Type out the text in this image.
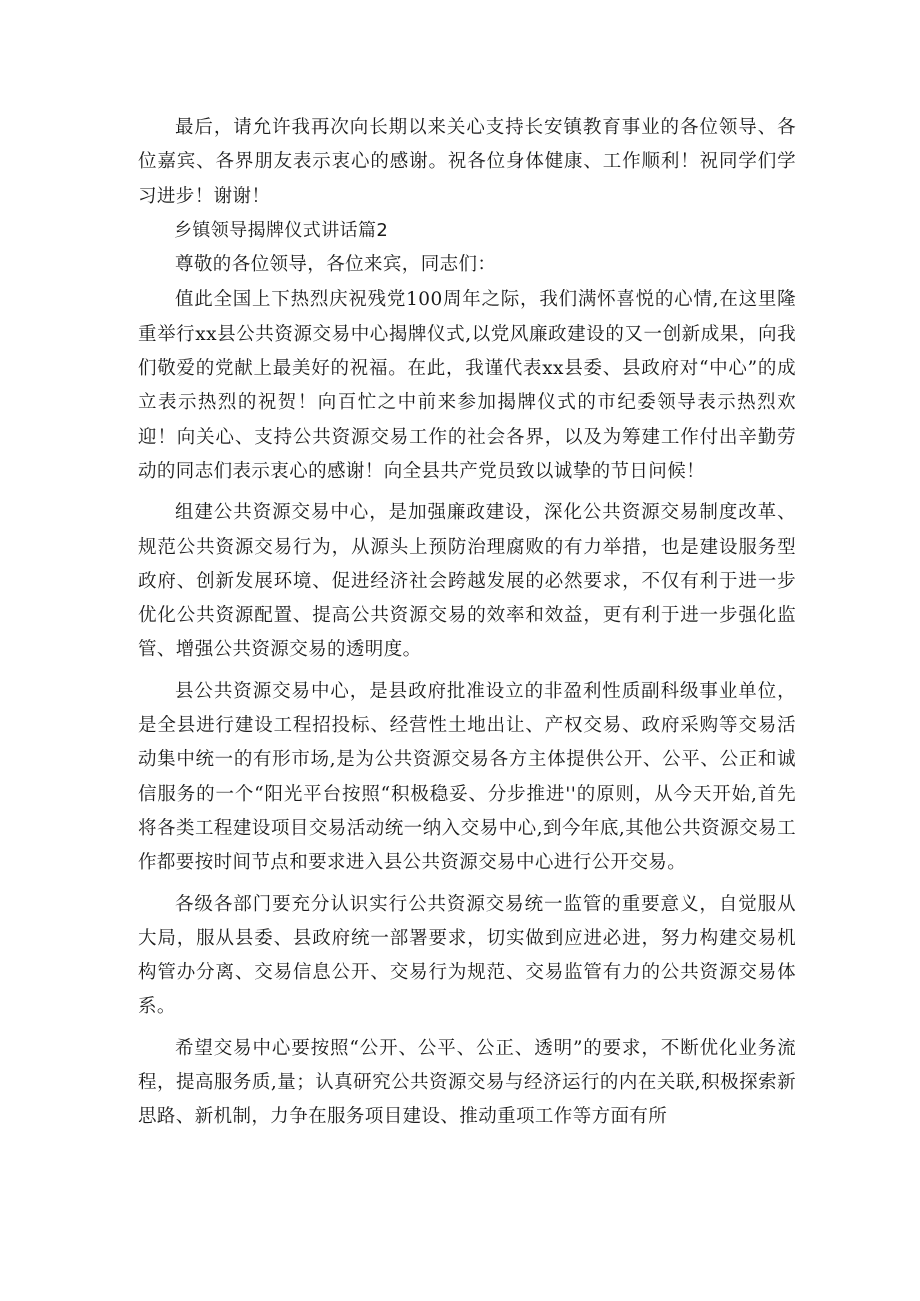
最后，请允许我再次向长期以来关心支持长安镇教育事业的各位领导、各位嘉宾、各界朋友表示衷心的感谢。祝各位身体健康、工作顺利！祝同学们学习进步！谢谢！

乡镇领导揭牌仪式讲话篇2

尊敬的各位领导，各位来宾，同志们：

值此全国上下热烈庆祝残党100周年之际，我们满怀喜悦的心情,在这里隆重举行xx县公共资源交易中心揭牌仪式,以党风廉政建设的又一创新成果，向我们敬爱的党献上最美好的祝福。在此，我谨代表xx县委、县政府对“中心”的成立表示热烈的祝贺！向百忙之中前来参加揭牌仪式的市纪委领导表示热烈欢迎！向关心、支持公共资源交易工作的社会各界，以及为筹建工作付出辛勤劳动的同志们表示衷心的感谢！向全县共产党员致以诚挚的节日问候！

组建公共资源交易中心，是加强廉政建设，深化公共资源交易制度改革、规范公共资源交易行为，从源头上预防治理腐败的有力举措，也是建设服务型政府、创新发展环境、促进经济社会跨越发展的必然要求，不仅有利于进一步优化公共资源配置、提高公共资源交易的效率和效益，更有利于进一步强化监管、增强公共资源交易的透明度。

县公共资源交易中心，是县政府批准设立的非盈利性质副科级事业单位，是全县进行建设工程招投标、经营性土地出让、产权交易、政府采购等交易活动集中统一的有形市场,是为公共资源交易各方主体提供公开、公平、公正和诚信服务的一个“阳光平台按照“积极稳妥、分步推进''的原则，从今天开始,首先将各类工程建设项目交易活动统一纳入交易中心,到今年底,其他公共资源交易工作都要按时间节点和要求进入县公共资源交易中心进行公开交易。

各级各部门要充分认识实行公共资源交易统一监管的重要意义，自觉服从大局，服从县委、县政府统一部署要求，切实做到应进必进，努力构建交易机构管办分离、交易信息公开、交易行为规范、交易监管有力的公共资源交易体系。

希望交易中心要按照“公开、公平、公正、透明”的要求，不断优化业务流程，提高服务质,量；认真研究公共资源交易与经济运行的内在关联,积极探索新思路、新机制，力争在服务项目建设、推动重项工作等方面有所
